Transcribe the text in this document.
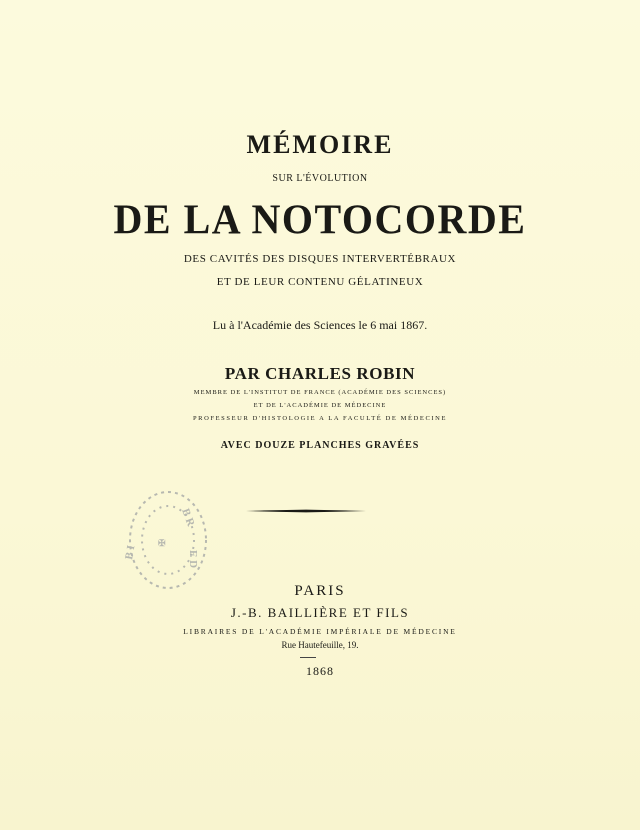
MÉMOIRE
SUR L'ÉVOLUTION
DE LA NOTOCORDE
DES CAVITÉS DES DISQUES INTERVERTÉBRAUX
ET DE LEUR CONTENU GÉLATINEUX
Lu à l'Académie des Sciences le 6 mai 1867.
PAR CHARLES ROBIN
MEMBRE DE L'INSTITUT DE FRANCE (ACADÉMIE DES SCIENCES)
ET DE L'ACADÉMIE DE MÉDECINE
PROFESSEUR D'HISTOLOGIE A LA FACULTÉ DE MÉDECINE
AVEC DOUZE PLANCHES GRAVÉES
B R
B I	E D
✠
PARIS
J.-B. BAILLIÈRE ET FILS
LIBRAIRES DE L'ACADÉMIE IMPÉRIALE DE MÉDECINE
Rue Hautefeuille, 19.
1868
